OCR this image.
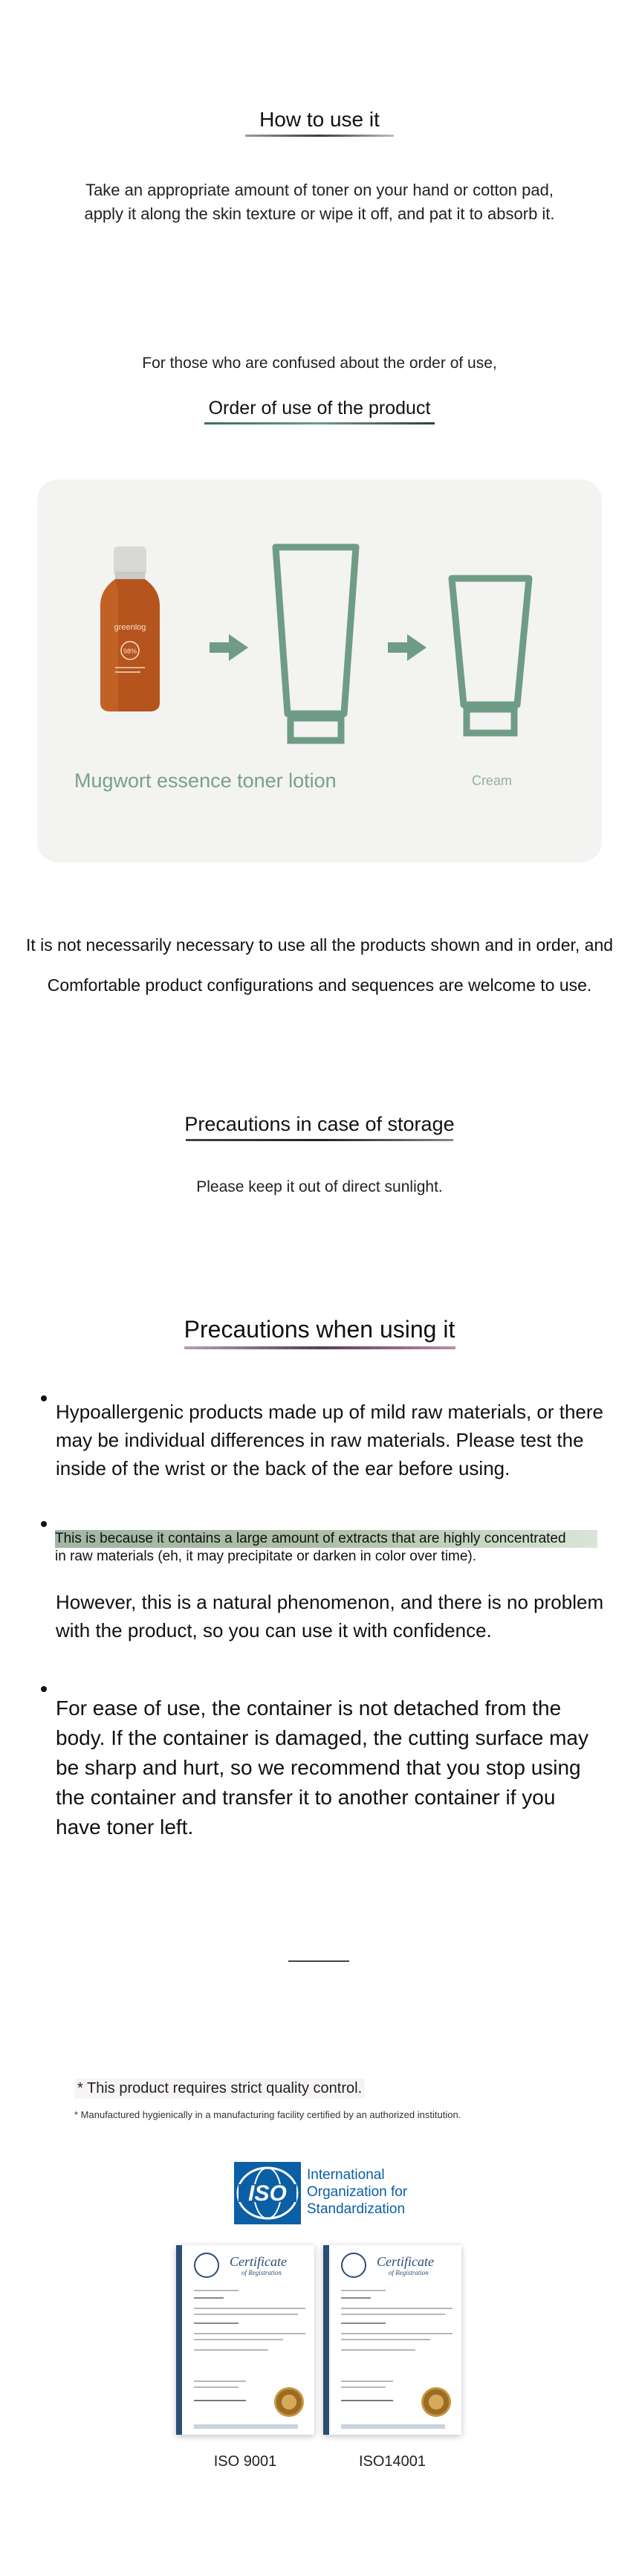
How to use it
Take an appropriate amount of toner on your hand or cotton pad,
apply it along the skin texture or wipe it off, and pat it to absorb it.
For those who are confused about the order of use,
Order of use of the product
greenlog
98%
Mugwort essence toner lotion	Cream
It is not necessarily necessary to use all the products shown and in order, and
Comfortable product configurations and sequences are welcome to use.
Precautions in case of storage
Please keep it out of direct sunlight.
Precautions when using it
Hypoallergenic products made up of mild raw materials, or there may be individual differences in raw materials. Please test the inside of the wrist or the back of the ear before using.
This is because it contains a large amount of extracts that are highly concentrated
in raw materials (eh, it may precipitate or darken in color over time).
However, this is a natural phenomenon, and there is no problem with the product, so you can use it with confidence.
For ease of use, the container is not detached from the body. If the container is damaged, the cutting surface may be sharp and hurt, so we recommend that you stop using the container and transfer it to another container if you have toner left.
* This product requires strict quality control.
* Manufactured hygienically in a manufacturing facility certified by an authorized institution.
ISO
International
Organization for
Standardization
Certificate
of Registration
Certificate
of Registration
ISO 9001	ISO14001
